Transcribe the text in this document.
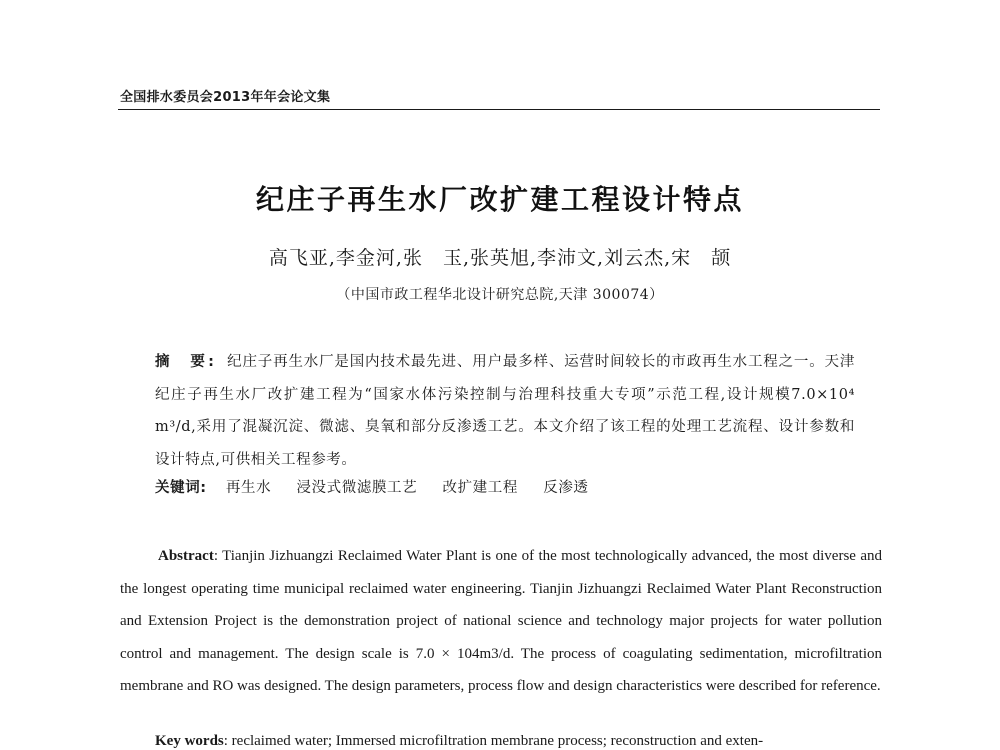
全国排水委员会2013年年会论文集
纪庄子再生水厂改扩建工程设计特点
高飞亚,李金河,张　玉,张英旭,李沛文,刘云杰,宋　颉
（中国市政工程华北设计研究总院,天津 300074）
摘　要: 纪庄子再生水厂是国内技术最先进、用户最多样、运营时间较长的市政再生水工程之一。天津纪庄子再生水厂改扩建工程为“国家水体污染控制与治理科技重大专项”示范工程,设计规模7.0×10⁴ m³/d,采用了混凝沉淀、微滤、臭氧和部分反渗透工艺。本文介绍了该工程的处理工艺流程、设计参数和设计特点,可供相关工程参考。
关键词: 再生水 浸没式微滤膜工艺 改扩建工程 反渗透
Abstract: Tianjin Jizhuangzi Reclaimed Water Plant is one of the most technologically advanced, the most diverse and the longest operating time municipal reclaimed water engineering. Tianjin Jizhuangzi Reclaimed Water Plant Reconstruction and Extension Project is the demonstration project of national science and technology major projects for water pollution control and management. The design scale is 7.0 × 104m3/d. The process of coagulating sedimentation, microfiltration membrane and RO was designed. The design parameters, process flow and design characteristics were described for reference.
Key words: reclaimed water; Immersed microfiltration membrane process; reconstruction and exten-
